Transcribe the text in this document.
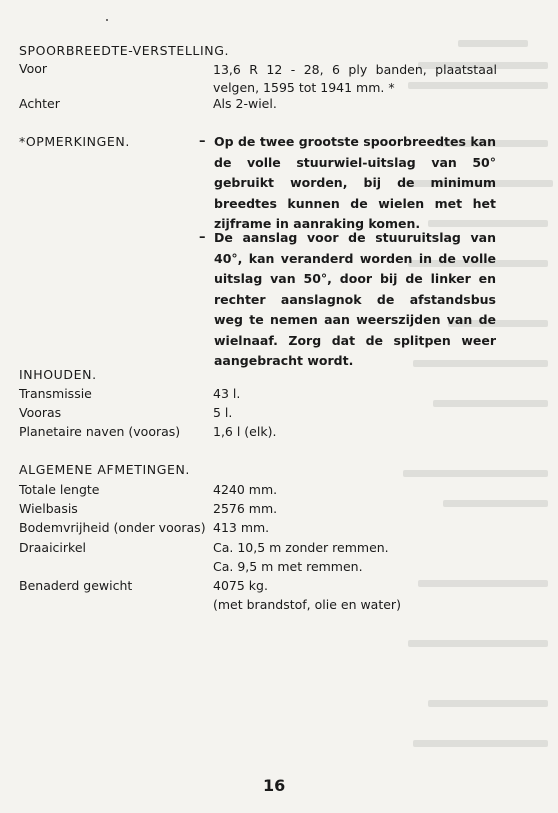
SPOORBREEDTE-VERSTELLING.
Voor	13,6 R 12 - 28, 6 ply banden, plaatstaal velgen, 1595 tot 1941 mm. *
Achter	Als 2-wiel.
*OPMERKINGEN.	– Op de twee grootste spoorbreedtes kan de volle stuurwiel-uitslag van 50° gebruikt worden, bij de minimum breedtes kunnen de wielen met het zijframe in aanraking komen.
– De aanslag voor de stuuruitslag van 40°, kan veranderd worden in de volle uitslag van 50°, door bij de linker en rechter aanslagnok de afstandsbus weg te nemen aan weerszijden van de wielnaaf. Zorg dat de splitpen weer aangebracht wordt.
INHOUDEN.
Transmissie	43 l.
Vooras	5 l.
Planetaire naven (vooras)	1,6 l (elk).
ALGEMENE AFMETINGEN.
Totale lengte	4240 mm.
Wielbasis	2576 mm.
Bodemvrijheid (onder vooras) 413 mm.
Draaicirkel	Ca. 10,5 m zonder remmen.
Ca. 9,5 m met remmen.
Benaderd gewicht	4075 kg.
(met brandstof, olie en water)
16
